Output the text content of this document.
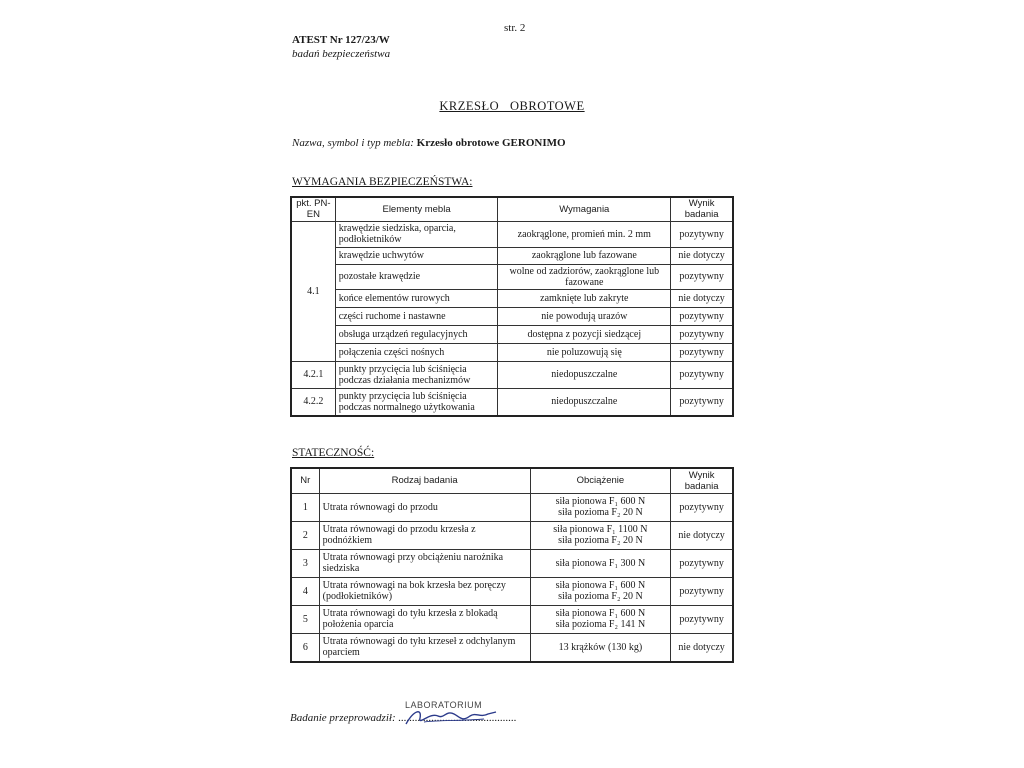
str. 2
ATEST Nr 127/23/W
badań bezpieczeństwa
KRZESŁO   OBROTOWE
Nazwa, symbol i typ mebla: Krzesło obrotowe GERONIMO
WYMAGANIA BEZPIECZEŃSTWA:
pkt. PN-EN	Elementy mebla	Wymagania	Wynik badania
4.1	krawędzie siedziska, oparcia, podłokietników	zaokrąglone, promień min. 2 mm	pozytywny
	krawędzie uchwytów	zaokrąglone lub fazowane	nie dotyczy
	pozostałe krawędzie	wolne od zadziorów, zaokrąglone lub fazowane	pozytywny
	końce elementów rurowych	zamknięte lub zakryte	nie dotyczy
	części ruchome i nastawne	nie powodują urazów	pozytywny
	obsługa urządzeń regulacyjnych	dostępna z pozycji siedzącej	pozytywny
	połączenia części nośnych	nie poluzowują się	pozytywny
4.2.1	punkty przycięcia lub ściśnięcia podczas działania mechanizmów	niedopuszczalne	pozytywny
4.2.2	punkty przycięcia lub ściśnięcia podczas normalnego użytkowania	niedopuszczalne	pozytywny
STATECZNOŚĆ:
Nr	Rodzaj badania	Obciążenie	Wynik badania
1	Utrata równowagi do przodu	siła pionowa F₁ 600 N
siła pozioma F₂ 20 N	pozytywny
2	Utrata równowagi do przodu krzesła z podnóżkiem	siła pionowa F₁ 1100 N
siła pozioma F₂ 20 N	nie dotyczy
3	Utrata równowagi przy obciążeniu narożnika siedziska	siła pionowa F₁ 300 N	pozytywny
4	Utrata równowagi na bok krzesła bez poręczy (podłokietników)	siła pionowa F₁ 600 N
siła pozioma F₂ 20 N	pozytywny
5	Utrata równowagi do tyłu krzesła z blokadą położenia oparcia	siła pionowa F₁ 600 N
siła pozioma F₂ 141 N	pozytywny
6	Utrata równowagi do tyłu krzeseł z odchylanym oparciem	13 krążków (130 kg)	nie dotyczy
Badanie przeprowadził: ...........................................
LABORATORIUM
